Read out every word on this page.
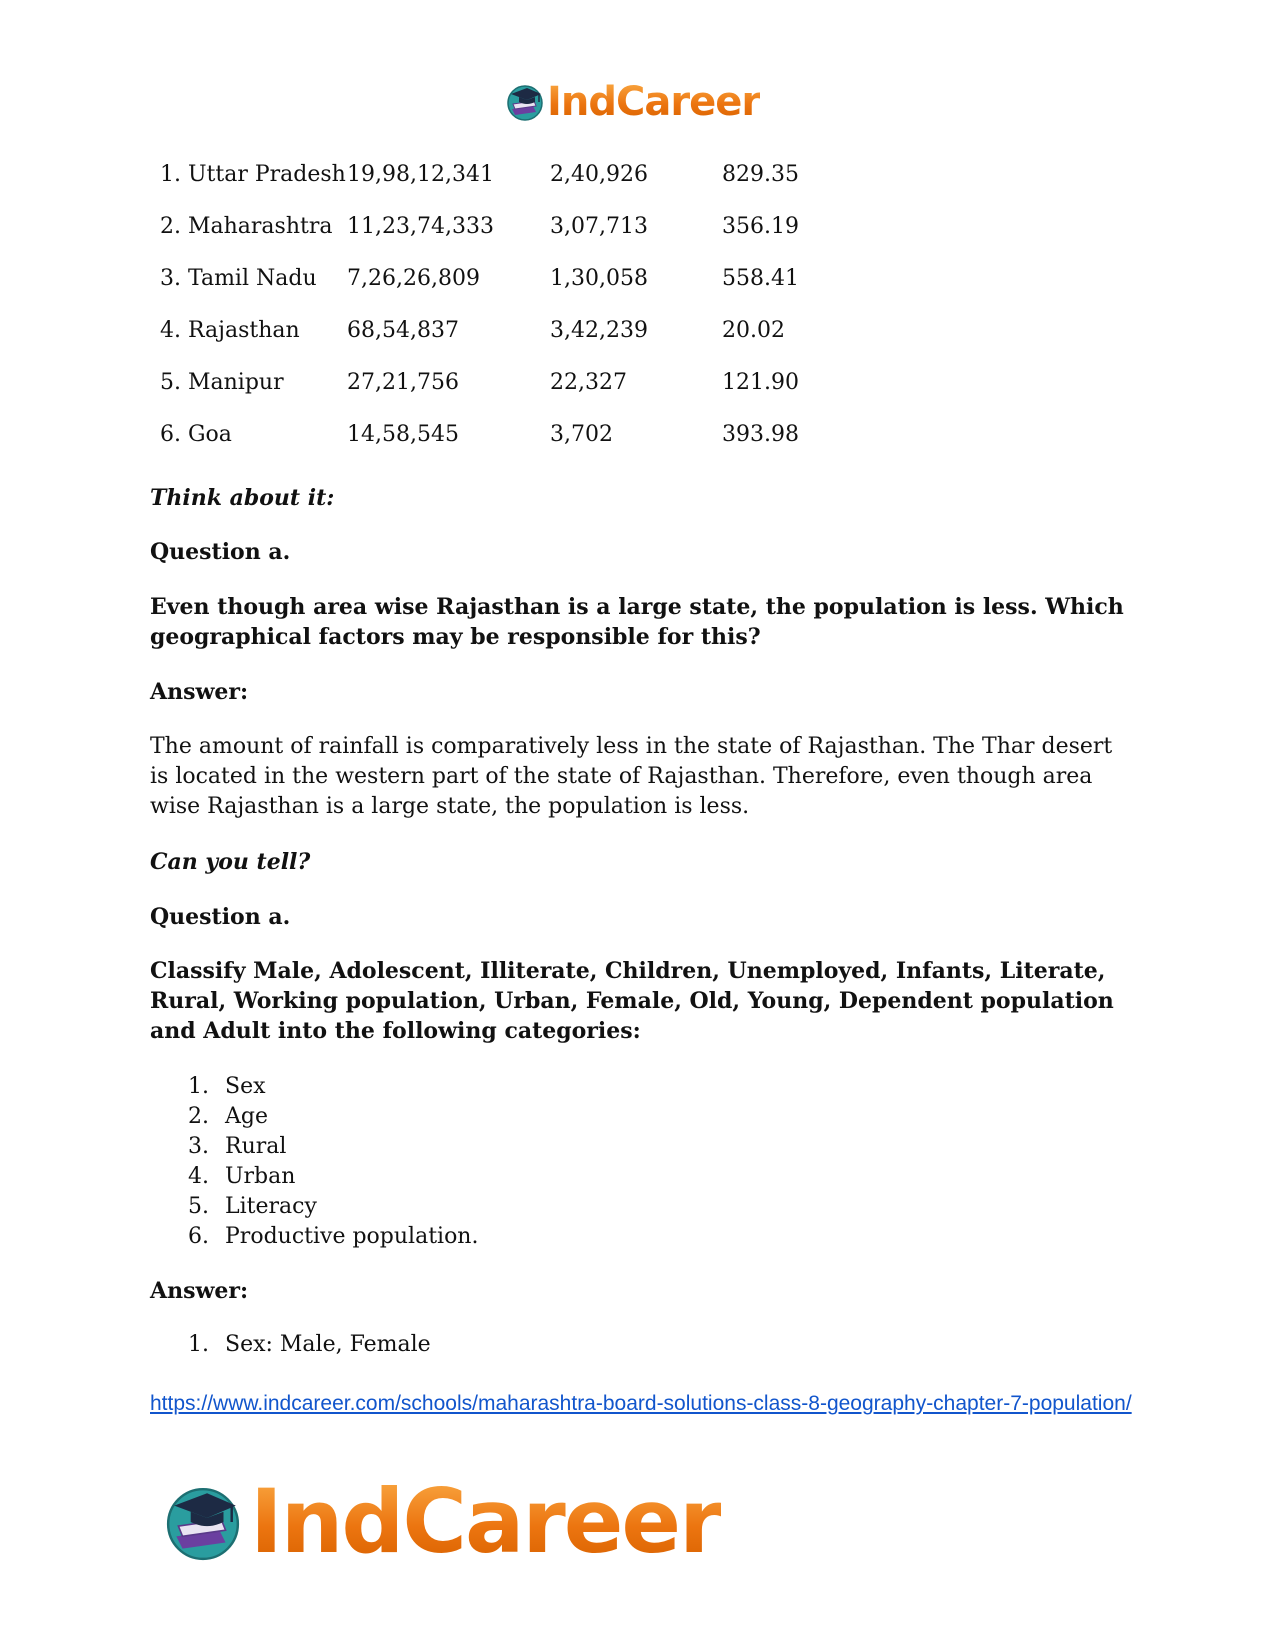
IndCareer
1. Uttar Pradesh	19,98,12,341	2,40,926	829.35
2. Maharashtra	11,23,74,333	3,07,713	356.19
3. Tamil Nadu	7,26,26,809	1,30,058	558.41
4. Rajasthan	68,54,837	3,42,239	20.02
5. Manipur	27,21,756	22,327	121.90
6. Goa	14,58,545	3,702	393.98

Think about it:

Question a.

Even though area wise Rajasthan is a large state, the population is less. Which geographical factors may be responsible for this?

Answer:

The amount of rainfall is comparatively less in the state of Rajasthan. The Thar desert is located in the western part of the state of Rajasthan. Therefore, even though area wise Rajasthan is a large state, the population is less.

Can you tell?

Question a.

Classify Male, Adolescent, Illiterate, Children, Unemployed, Infants, Literate, Rural, Working population, Urban, Female, Old, Young, Dependent population and Adult into the following categories:

1. Sex
2. Age
3. Rural
4. Urban
5. Literacy
6. Productive population.

Answer:

1. Sex: Male, Female
https://www.indcareer.com/schools/maharashtra-board-solutions-class-8-geography-chapter-7-population/
IndCareer
